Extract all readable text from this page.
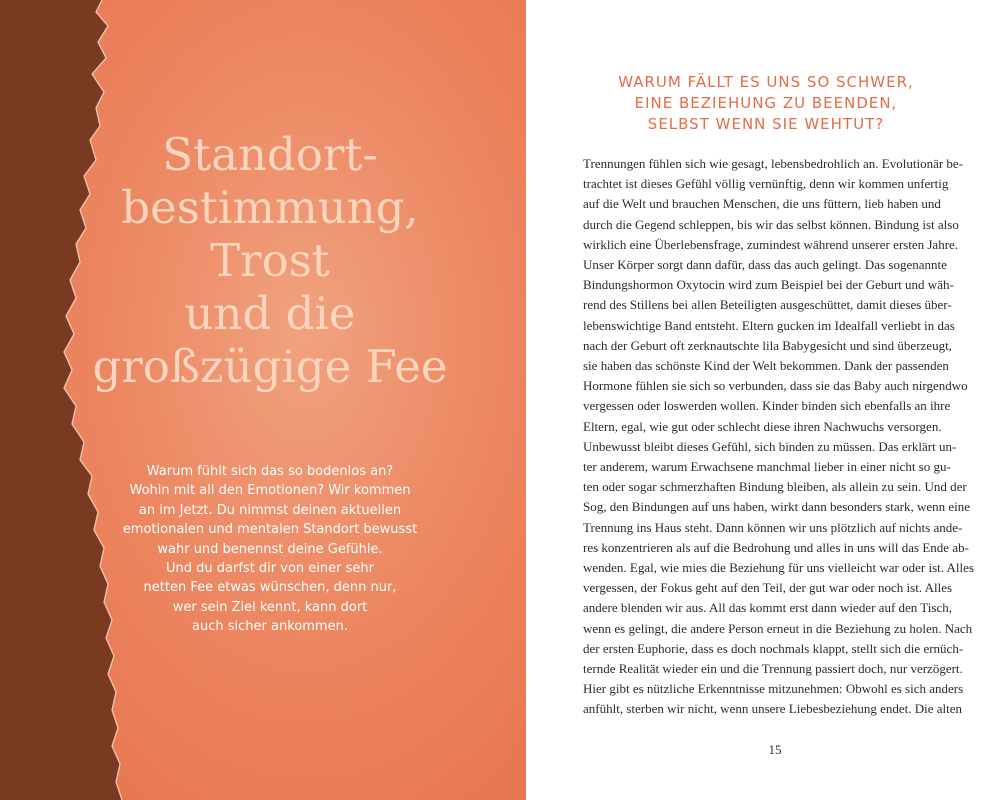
Standort-
bestimmung,
Trost
und die
großzügige Fee
Warum fühlt sich das so bodenlos an?
Wohin mit all den Emotionen? Wir kommen
an im Jetzt. Du nimmst deinen aktuellen
emotionalen und mentalen Standort bewusst
wahr und benennst deine Gefühle.
Und du darfst dir von einer sehr
netten Fee etwas wünschen, denn nur,
wer sein Ziel kennt, kann dort
auch sicher ankommen.
WARUM FÄLLT ES UNS SO SCHWER,
EINE BEZIEHUNG ZU BEENDEN,
SELBST WENN SIE WEHTUT?
Trennungen fühlen sich wie gesagt, lebensbedrohlich an. Evolutionär be-
trachtet ist dieses Gefühl völlig vernünftig, denn wir kommen unfertig
auf die Welt und brauchen Menschen, die uns füttern, lieb haben und
durch die Gegend schleppen, bis wir das selbst können. Bindung ist also
wirklich eine Überlebensfrage, zumindest während unserer ersten Jahre.
Unser Körper sorgt dann dafür, dass das auch gelingt. Das sogenannte
Bindungshormon Oxytocin wird zum Beispiel bei der Geburt und wäh-
rend des Stillens bei allen Beteiligten ausgeschüttet, damit dieses über-
lebenswichtige Band entsteht. Eltern gucken im Idealfall verliebt in das
nach der Geburt oft zerknautschte lila Babygesicht und sind überzeugt,
sie haben das schönste Kind der Welt bekommen. Dank der passenden
Hormone fühlen sie sich so verbunden, dass sie das Baby auch nirgendwo
vergessen oder loswerden wollen. Kinder binden sich ebenfalls an ihre
Eltern, egal, wie gut oder schlecht diese ihren Nachwuchs versorgen.
Unbewusst bleibt dieses Gefühl, sich binden zu müssen. Das erklärt un-
ter anderem, warum Erwachsene manchmal lieber in einer nicht so gu-
ten oder sogar schmerzhaften Bindung bleiben, als allein zu sein. Und der
Sog, den Bindungen auf uns haben, wirkt dann besonders stark, wenn eine
Trennung ins Haus steht. Dann können wir uns plötzlich auf nichts ande-
res konzentrieren als auf die Bedrohung und alles in uns will das Ende ab-
wenden. Egal, wie mies die Beziehung für uns vielleicht war oder ist. Alles
vergessen, der Fokus geht auf den Teil, der gut war oder noch ist. Alles
andere blenden wir aus. All das kommt erst dann wieder auf den Tisch,
wenn es gelingt, die andere Person erneut in die Beziehung zu holen. Nach
der ersten Euphorie, dass es doch nochmals klappt, stellt sich die ernüch-
ternde Realität wieder ein und die Trennung passiert doch, nur verzögert.
Hier gibt es nützliche Erkenntnisse mitzunehmen: Obwohl es sich anders
anfühlt, sterben wir nicht, wenn unsere Liebesbeziehung endet. Die alten
15
